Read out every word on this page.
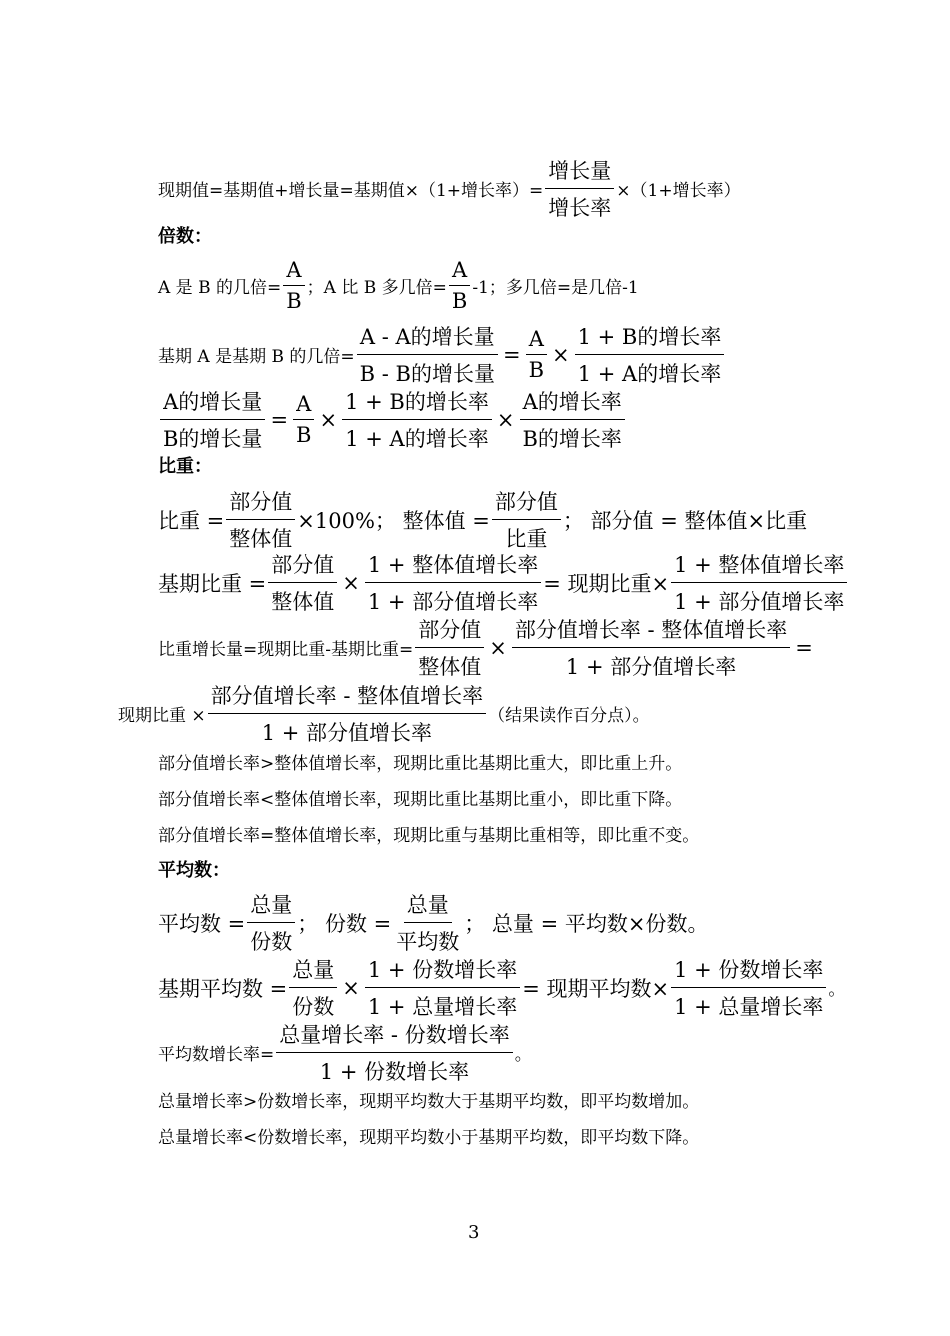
现期值=基期值+增长量=基期值×（1+增长率）= $\frac{\text{增长量}}{\text{增长率}} \times(1+$增长率）
倍数：
A 是 B 的几倍= $\frac{A}{B}$ ；A 比 B 多几倍= $\frac{A}{B} -1$；多几倍=是几倍-1
基期 A 是基期 B 的几倍= $\frac{\text{A - A的增长量}}{\text{B - B的增长量}} = \frac{A}{B} \times \frac{\text{1 + B的增长率}}{\text{1 + A的增长率}}$
$\frac{\text{A的增长量}}{\text{B的增长量}} = \frac{A}{B} \times \frac{\text{1 + B的增长率}}{\text{1 + A的增长率}} \times \frac{\text{A的增长率}}{\text{B的增长率}}$
比重：
比重 = $\frac{\text{部分值}}{\text{整体值}} \times 100\%$； 整体值 = $\frac{\text{部分值}}{\text{比重}}$ ； 部分值 = 整体值×比重
基期比重 = $\frac{\text{部分值}}{\text{整体值}} \times \frac{\text{1 + 整体值增长率}}{\text{1 + 部分值增长率}}$ = 现期比重× $\frac{\text{1 + 整体值增长率}}{\text{1 + 部分值增长率}}$
比重增长量=现期比重-基期比重= $\frac{\text{部分值}}{\text{整体值}} \times \frac{\text{部分值增长率 - 整体值增长率}}{\text{1 + 部分值增长率}}$ =
现期比重 × $\frac{\text{部分值增长率 - 整体值增长率}}{\text{1 + 部分值增长率}}$ （结果读作百分点）。
部分值增长率>整体值增长率，现期比重比基期比重大，即比重上升。
部分值增长率<整体值增长率，现期比重比基期比重小，即比重下降。
部分值增长率=整体值增长率，现期比重与基期比重相等，即比重不变。
平均数：
平均数 = $\frac{\text{总量}}{\text{份数}}$ ； 份数 = $\frac{\text{总量}}{\text{平均数}}$ ； 总量 = 平均数×份数。
基期平均数 = $\frac{\text{总量}}{\text{份数}} \times \frac{\text{1 + 份数增长率}}{\text{1 + 总量增长率}}$ = 现期平均数× $\frac{\text{1 + 份数增长率}}{\text{1 + 总量增长率}}$ 。
平均数增长率= $\frac{\text{总量增长率 - 份数增长率}}{\text{1 + 份数增长率}}$ 。
总量增长率>份数增长率，现期平均数大于基期平均数，即平均数增加。
总量增长率<份数增长率，现期平均数小于基期平均数，即平均数下降。
3
